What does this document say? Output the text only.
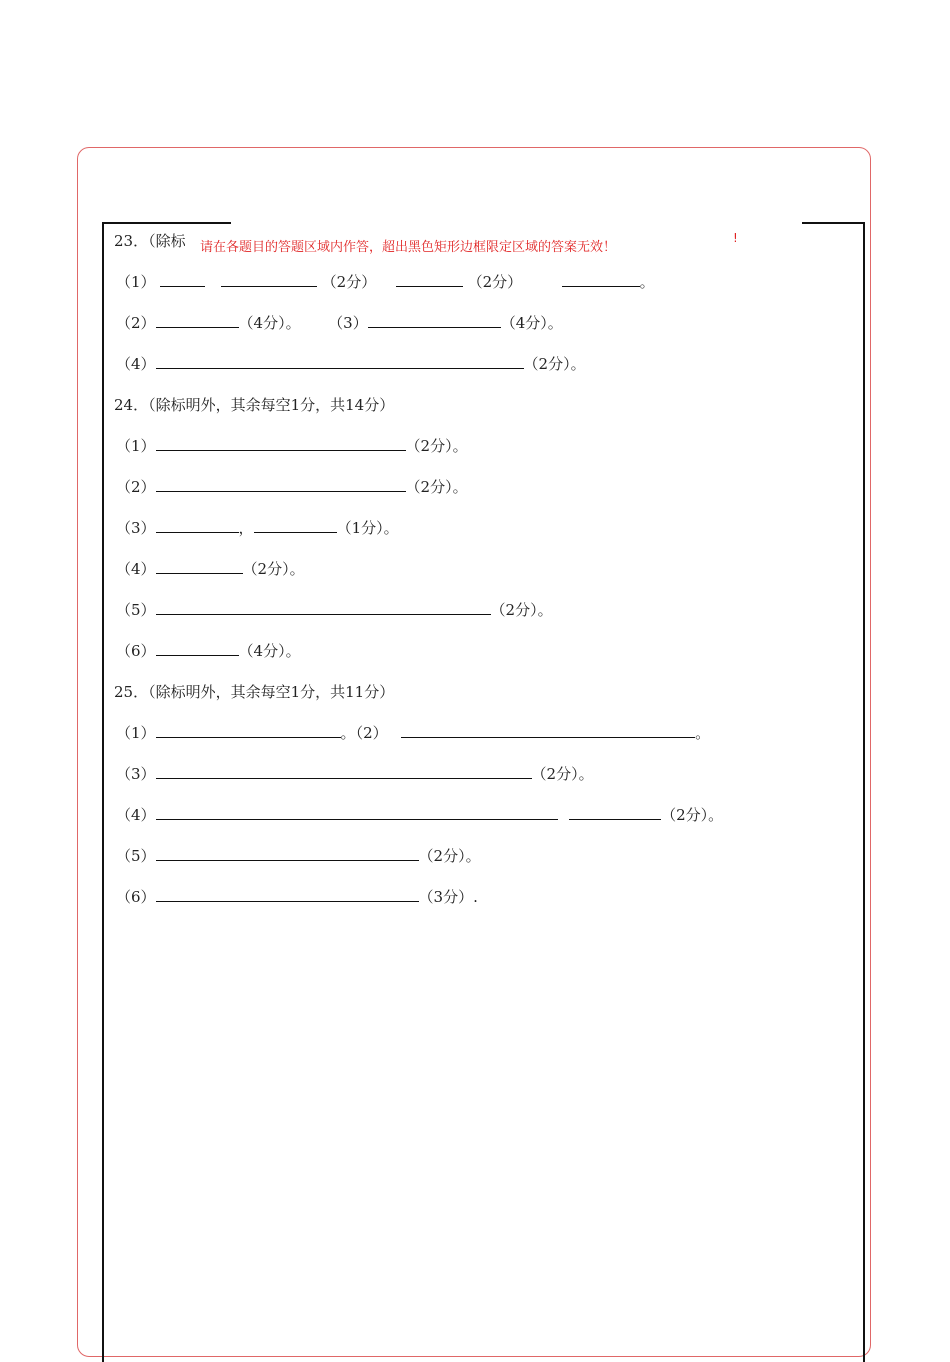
23．（除标	请在各题目的答题区域内作答，超出黑色矩形边框限定区域的答案无效！
!
（1）	（2分）	（2分）	。
（2）	（4分）。 （3）	（4分）。
（4）	（2分）。
24．（除标明外，其余每空1分，共14分）
（1）	（2分）。
（2）	（2分）。
（3）	，	（1分）。
（4）	（2分）。
（5）	（2分）。
（6）	（4分）。
25．（除标明外，其余每空1分，共11分）
（1）	。（2）	。
（3）	（2分）。
（4）	（2分）。
（5）	（2分）。
（6）	（3分）.
